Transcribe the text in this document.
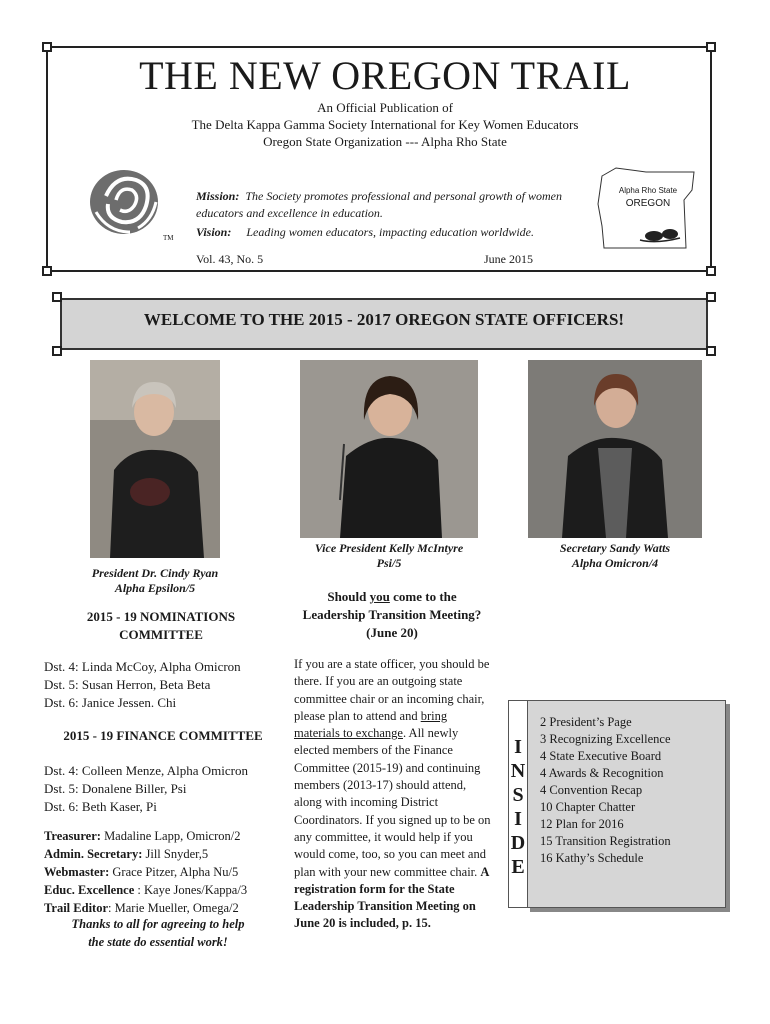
THE NEW OREGON TRAIL
An Official Publication of
The Delta Kappa Gamma Society International for Key Women Educators
Oregon State Organization --- Alpha Rho State
TM
Mission: The Society promotes professional and personal growth of women educators and excellence in education.
Vision: Leading women educators, impacting education worldwide.
Vol. 43, No. 5	June 2015
Alpha Rho State
OREGON
WELCOME TO THE 2015 - 2017 OREGON STATE OFFICERS!
President Dr. Cindy Ryan
Alpha Epsilon/5
Vice President Kelly McIntyre
Psi/5
Secretary Sandy Watts
Alpha Omicron/4
2015 - 19 NOMINATIONS
COMMITTEE
Dst. 4: Linda McCoy, Alpha Omicron
Dst. 5: Susan Herron, Beta Beta
Dst. 6: Janice Jessen. Chi
2015 - 19 FINANCE COMMITTEE
Dst. 4: Colleen Menze, Alpha Omicron
Dst. 5: Donalene Biller, Psi
Dst. 6: Beth Kaser, Pi
Treasurer: Madaline Lapp, Omicron/2
Admin. Secretary: Jill Snyder,5
Webmaster: Grace Pitzer, Alpha Nu/5
Educ. Excellence : Kaye Jones/Kappa/3
Trail Editor: Marie Mueller, Omega/2
Thanks to all for agreeing to help
the state do essential work!
Should you come to the
Leadership Transition Meeting?
(June 20)
If you are a state officer, you should be there. If you are an outgoing state committee chair or an incoming chair, please plan to attend and bring materials to exchange. All newly elected members of the Finance Committee (2015-19) and continuing members (2013-17) should attend, along with incoming District Coordinators. If you signed up to be on any committee, it would help if you would come, too, so you can meet and plan with your new committee chair. A registration form for the State Leadership Transition Meeting on June 20 is included, p. 15.
I
N
S
I
D
E
2 President’s Page
3 Recognizing Excellence
4 State Executive Board
4 Awards & Recognition
4 Convention Recap
10 Chapter Chatter
12 Plan for 2016
15 Transition Registration
16 Kathy’s Schedule
